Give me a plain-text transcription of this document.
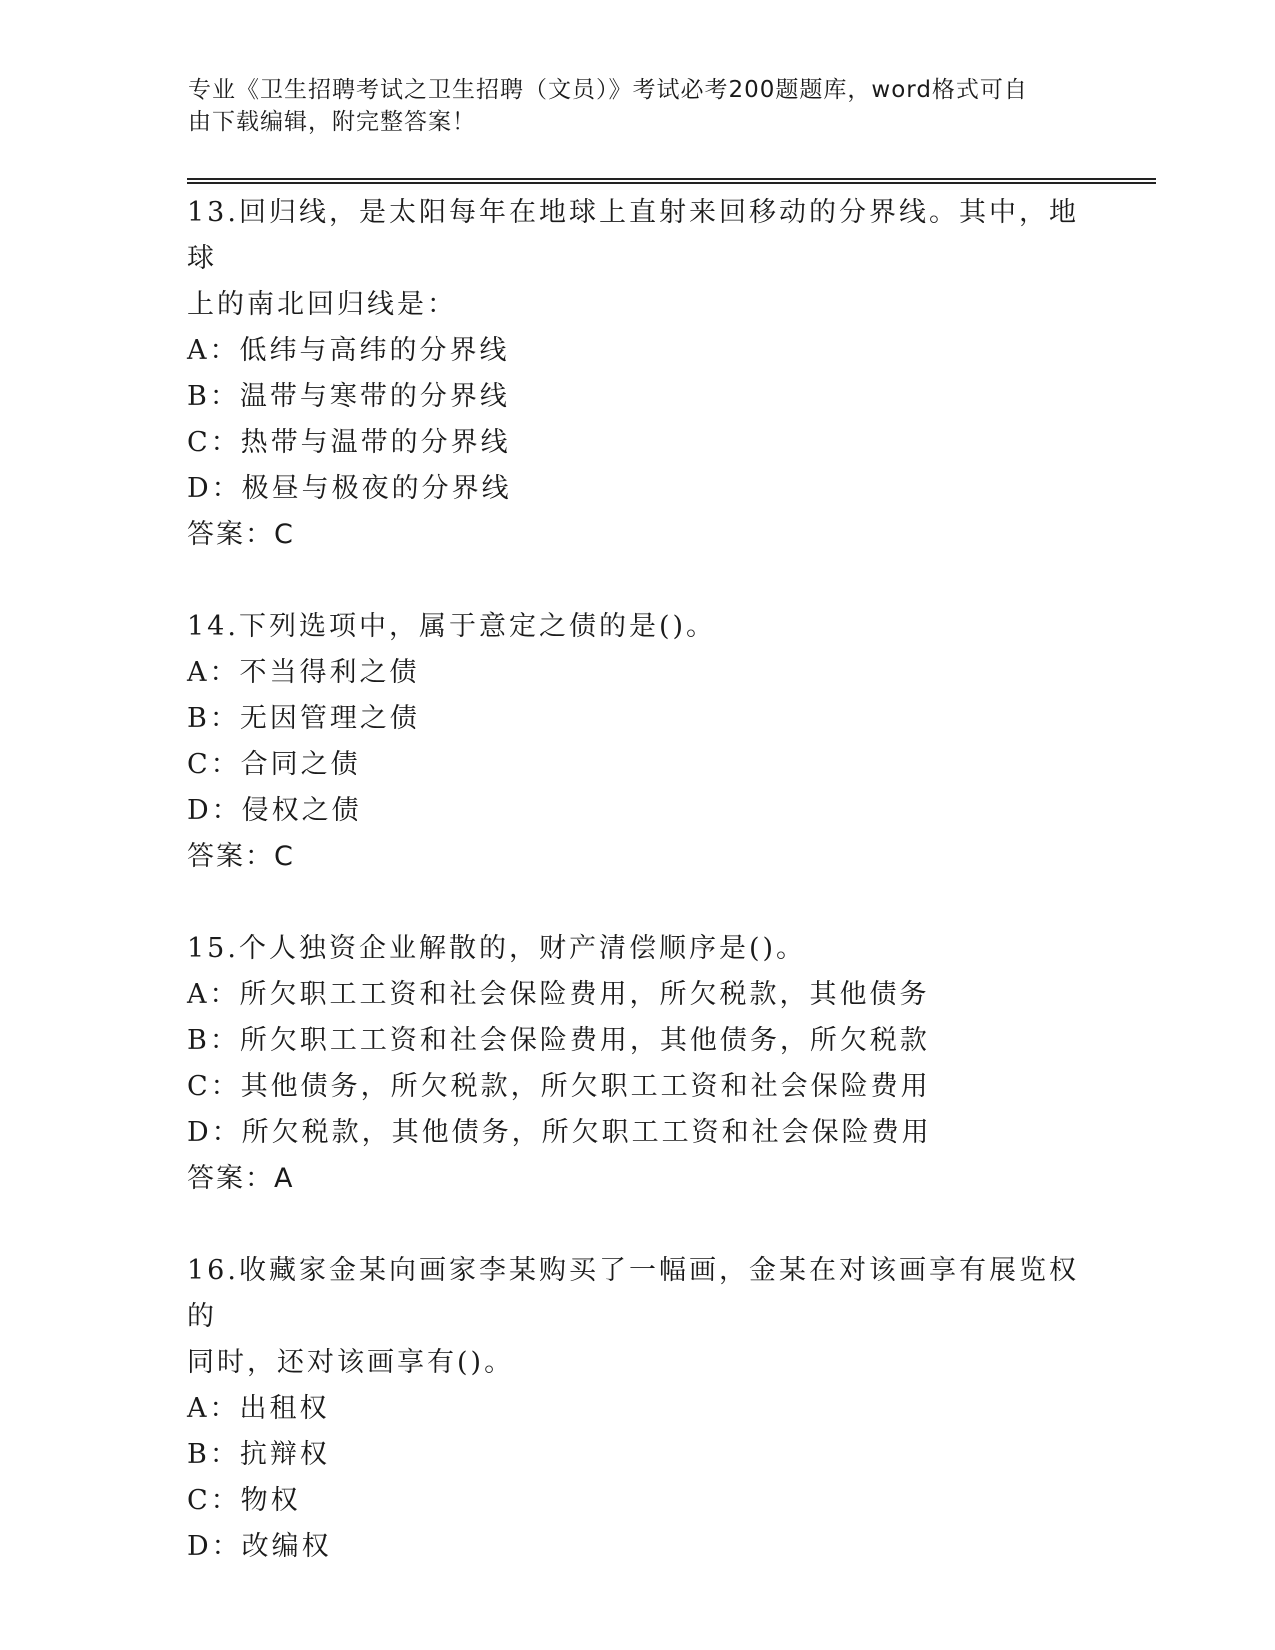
专业《卫生招聘考试之卫生招聘（文员）》考试必考200题题库，word格式可自
由下载编辑，附完整答案！

13.回归线，是太阳每年在地球上直射来回移动的分界线。其中，地球

上的南北回归线是：

A：低纬与高纬的分界线

B：温带与寒带的分界线

C：热带与温带的分界线

D：极昼与极夜的分界线

答案：C

14.下列选项中，属于意定之债的是()。

A：不当得利之债

B：无因管理之债

C：合同之债

D：侵权之债

答案：C

15.个人独资企业解散的，财产清偿顺序是()。

A：所欠职工工资和社会保险费用，所欠税款，其他债务

B：所欠职工工资和社会保险费用，其他债务，所欠税款

C：其他债务，所欠税款，所欠职工工资和社会保险费用

D：所欠税款，其他债务，所欠职工工资和社会保险费用

答案：A

16.收藏家金某向画家李某购买了一幅画，金某在对该画享有展览权的

同时，还对该画享有()。

A：出租权

B：抗辩权

C：物权

D：改编权
